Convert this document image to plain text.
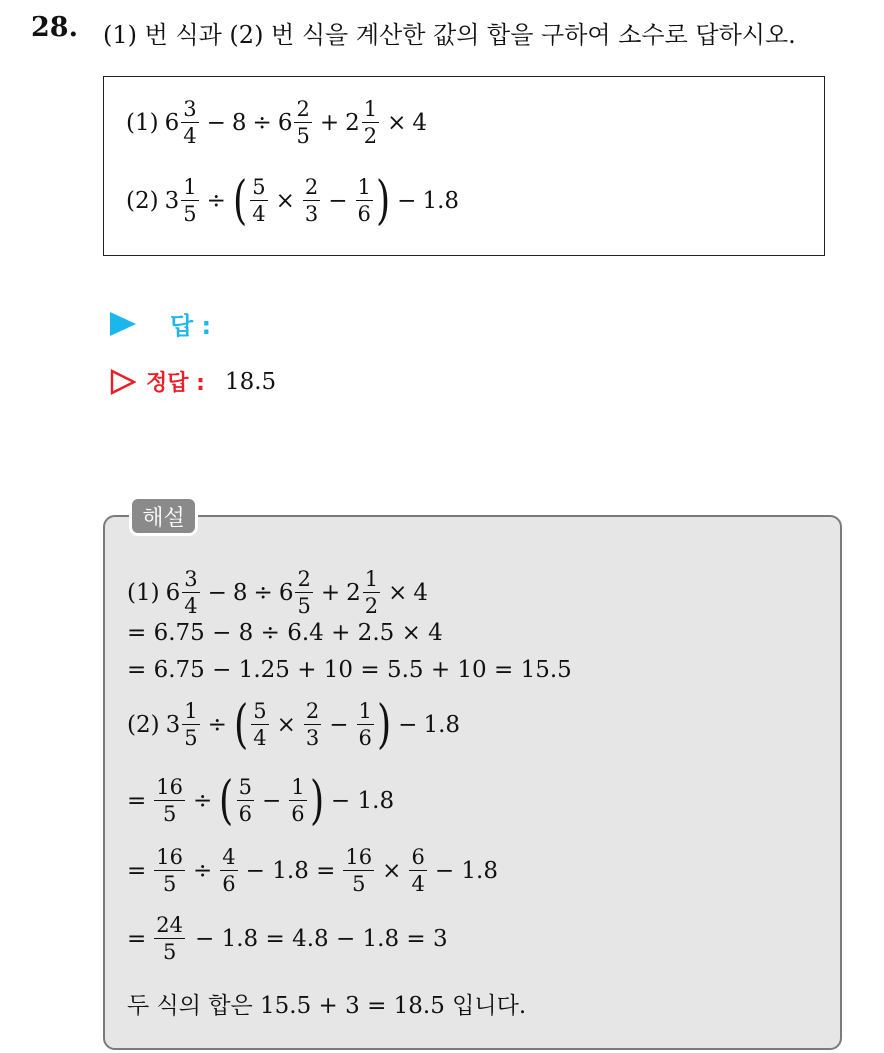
28. (1) 번 식과 (2) 번 식을 계산한 값의 합을 구하여 소수로 답하시오.
(1) $6 \frac{3}{4} - 8 \div 6 \frac{2}{5} + 2 \frac{1}{2} \times 4$
(2) $3 \frac{1}{5}$ ÷ ( $\frac{5}{4} \times \frac{2}{3} - \frac{1}{6}$ ) − 1.8
답 :
정답 : 18.5
(1) $6 \frac{3}{4} - 8 \div 6 \frac{2}{5} + 2 \frac{1}{2} \times 4$
= 6.75 − 8 ÷ 6.4 + 2.5 × 4
= 6.75 − 1.25 + 10 = 5.5 + 10 = 15.5
(2) $3 \frac{1}{5}$ ÷ ( $\frac{5}{4} \times \frac{2}{3} - \frac{1}{6}$ ) − 1.8
= $\frac{16}{5}$ ÷ ( $\frac{5}{6} - \frac{1}{6}$ ) − 1.8
= $\frac{16}{5} \div \frac{4}{6} - 1.8 = \frac{16}{5} \times \frac{6}{4} - 1.8$
= $\frac{24}{5} - 1.8 = 4.8 - 1.8 = 3$
두 식의 합은 15.5 + 3 = 18.5 입니다.
해설
